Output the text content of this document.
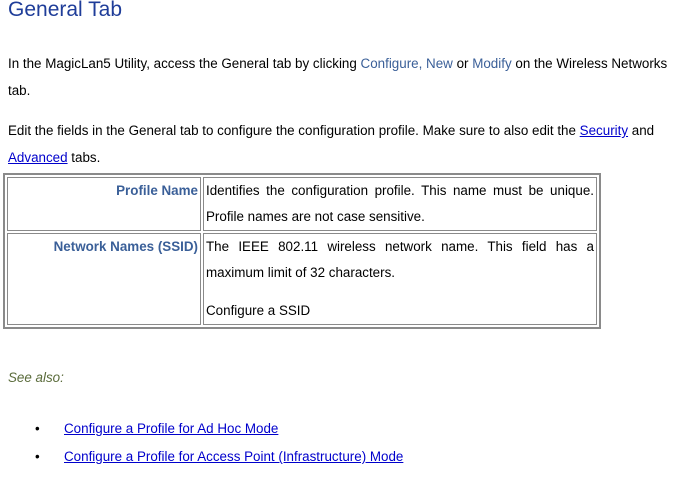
General Tab

In the MagicLan5 Utility, access the General tab by clicking Configure, New or Modify on the Wireless Networks tab.

Edit the fields in the General tab to configure the configuration profile. Make sure to also edit the Security and Advanced tabs.

Profile Name	Identifies the configuration profile. This name must be unique. Profile names are not case sensitive.
Network Names (SSID)	The IEEE 802.11 wireless network name. This field has a maximum limit of 32 characters.
Configure a SSID

See also:

• Configure a Profile for Ad Hoc Mode
• Configure a Profile for Access Point (Infrastructure) Mode
